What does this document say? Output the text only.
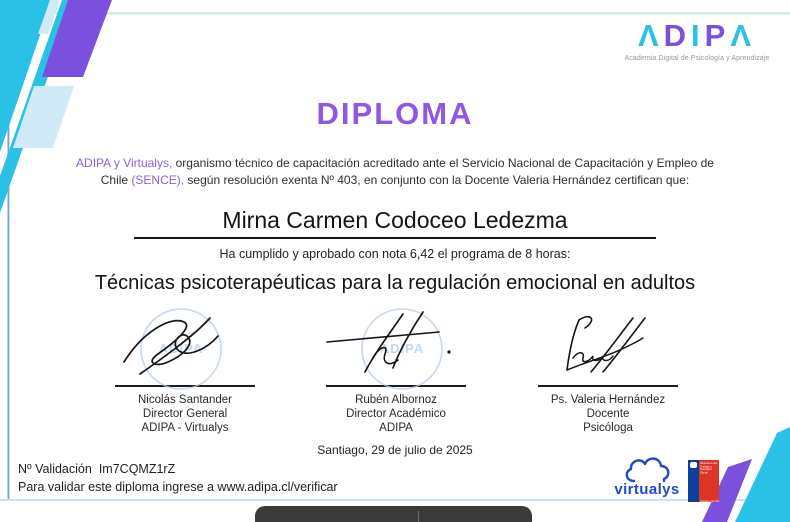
ΛDIPΛ
Academia Digital de Psicología y Aprendizaje
DIPLOMA
ADIPA y Virtualys, organismo técnico de capacitación acreditado ante el Servicio Nacional de Capacitación y Empleo de
Chile (SENCE), según resolución exenta Nº 403, en conjunto con la Docente Valeria Hernández certifican que:
Mirna Carmen Codoceo Ledezma
Ha cumplido y aprobado con nota 6,42 el programa de 8 horas:
Técnicas psicoterapéuticas para la regulación emocional en adultos
ADIPA
· · · · · · ·
Nicolás Santander
Director General
ADIPA - Virtualys
ADIPA
· · · · · · ·
Rubén Albornoz
Director Académico
ADIPA
Ps. Valeria Hernández
Docente
Psicóloga
Santiago, 29 de julio de 2025
Nº Validación Im7CQMZ1rZ
Para validar este diploma ingrese a www.adipa.cl/verificar	virtualys
Ministerio del
Trabajo y
Previsión Social
Gobierno de Chile
